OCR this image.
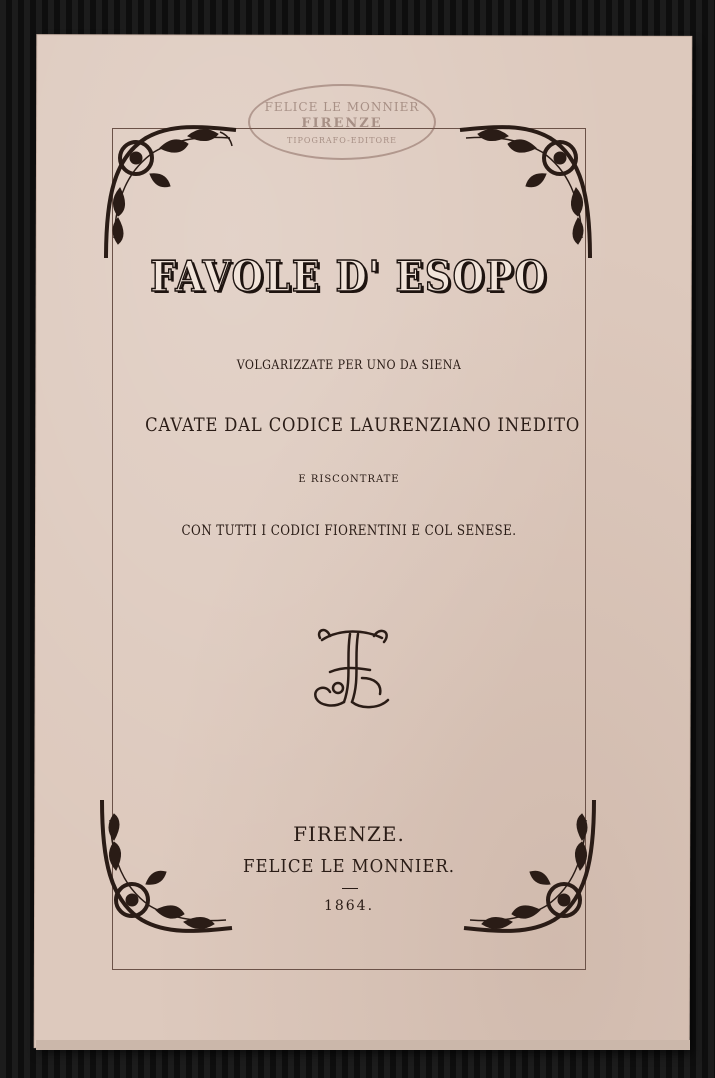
FELICE LE MONNIER
FIRENZE
TIPOGRAFO-EDITORE
FAVOLE D' ESOPO
VOLGARIZZATE PER UNO DA SIENA
CAVATE DAL CODICE LAURENZIANO INEDITO
E RISCONTRATE
CON TUTTI I CODICI FIORENTINI E COL SENESE.
FIRENZE.
FELICE LE MONNIER.
1864.
